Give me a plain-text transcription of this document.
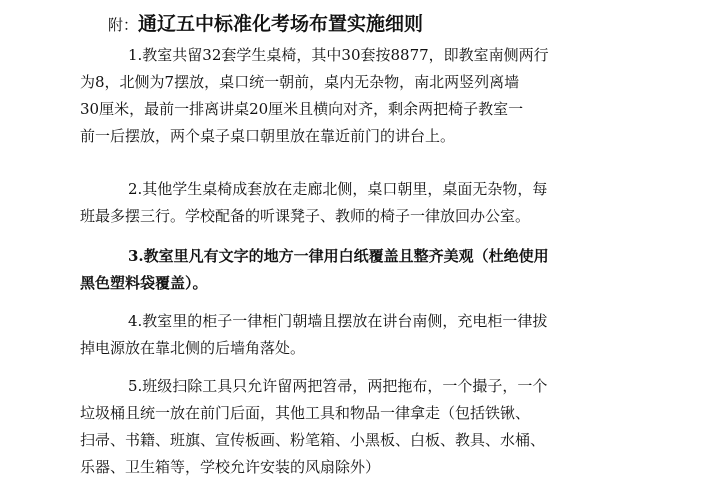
附：通辽五中标准化考场布置实施细则
1.教室共留32套学生桌椅，其中30套按8877，即教室南侧两行
为8，北侧为7摆放，桌口统一朝前，桌内无杂物，南北两竖列离墙
30厘米，最前一排离讲桌20厘米且横向对齐，剩余两把椅子教室一
前一后摆放，两个桌子桌口朝里放在靠近前门的讲台上。
2.其他学生桌椅成套放在走廊北侧，桌口朝里，桌面无杂物，每
班最多摆三行。学校配备的听课凳子、教师的椅子一律放回办公室。
3.教室里凡有文字的地方一律用白纸覆盖且整齐美观（杜绝使用
黑色塑料袋覆盖）。
4.教室里的柜子一律柜门朝墙且摆放在讲台南侧，充电柜一律拔
掉电源放在靠北侧的后墙角落处。
5.班级扫除工具只允许留两把笤帚，两把拖布，一个撮子，一个
垃圾桶且统一放在前门后面，其他工具和物品一律拿走（包括铁锹、
扫帚、书籍、班旗、宣传板画、粉笔箱、小黑板、白板、教具、水桶、
乐器、卫生箱等，学校允许安装的风扇除外）
